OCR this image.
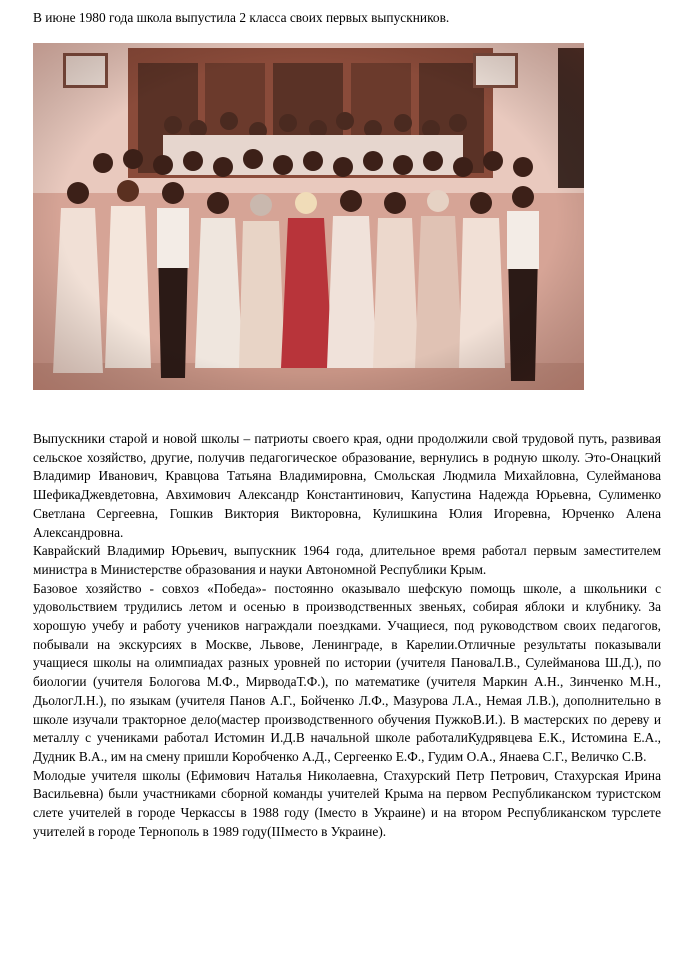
В июне 1980 года школа выпустила 2 класса своих первых выпускников.

Выпускники старой и новой школы – патриоты своего края, одни продолжили свой трудовой путь, развивая сельское хозяйство, другие, получив педагогическое образование, вернулись в родную школу. Это-Онацкий Владимир Иванович, Кравцова Татьяна Владимировна, Смольская Людмила Михайловна, Сулейманова ШефикаДжевдетовна, Авхимович Александр Константинович, Капустина Надежда Юрьевна, Сулименко Светлана Сергеевна, Гошкив Виктория Викторовна, Кулишкина Юлия Игоревна, Юрченко Алена Александровна.

Каврайский Владимир Юрьевич, выпускник 1964 года, длительное время работал первым заместителем министра в Министерстве образования и науки Автономной Республики Крым.

Базовое хозяйство - совхоз «Победа»- постоянно оказывало шефскую помощь школе, а школьники с удовольствием трудились летом и осенью в производственных звеньях, собирая яблоки и клубнику. За хорошую учебу и работу учеников награждали поездками. Учащиеся, под руководством своих педагогов, побывали на экскурсиях в Москве, Львове, Ленинграде, в Карелии.Отличные результаты показывали учащиеся школы на олимпиадах разных уровней по истории (учителя ПановаЛ.В., Сулейманова Ш.Д.), по биологии (учителя Бологова М.Ф., МирводаТ.Ф.), по математике (учителя Маркин А.Н., Зинченко М.Н., ДьологЛ.Н.), по языкам (учителя Панов А.Г., Бойченко Л.Ф., Мазурова Л.А., Немая Л.В.), дополнительно в школе изучали тракторное дело(мастер производственного обучения ПужкоВ.И.). В мастерских по дереву и металлу с учениками работал Истомин И.Д.В начальной школе работалиКудрявцева Е.К., Истомина Е.А., Дудник В.А., им на смену пришли Коробченко А.Д., Сергеенко Е.Ф., Гудим О.А., Янаева С.Г., Величко С.В.

Молодые учителя школы (Ефимович Наталья Николаевна, Стахурский Петр Петрович, Стахурская Ирина Васильевна) были участниками сборной команды учителей Крыма на первом Республиканском туристском слете учителей в городе Черкассы в 1988 году (Iместо в Украине) и на втором Республиканском турслете учителей в городе Тернополь в 1989 году(IIIместо в Украине).
